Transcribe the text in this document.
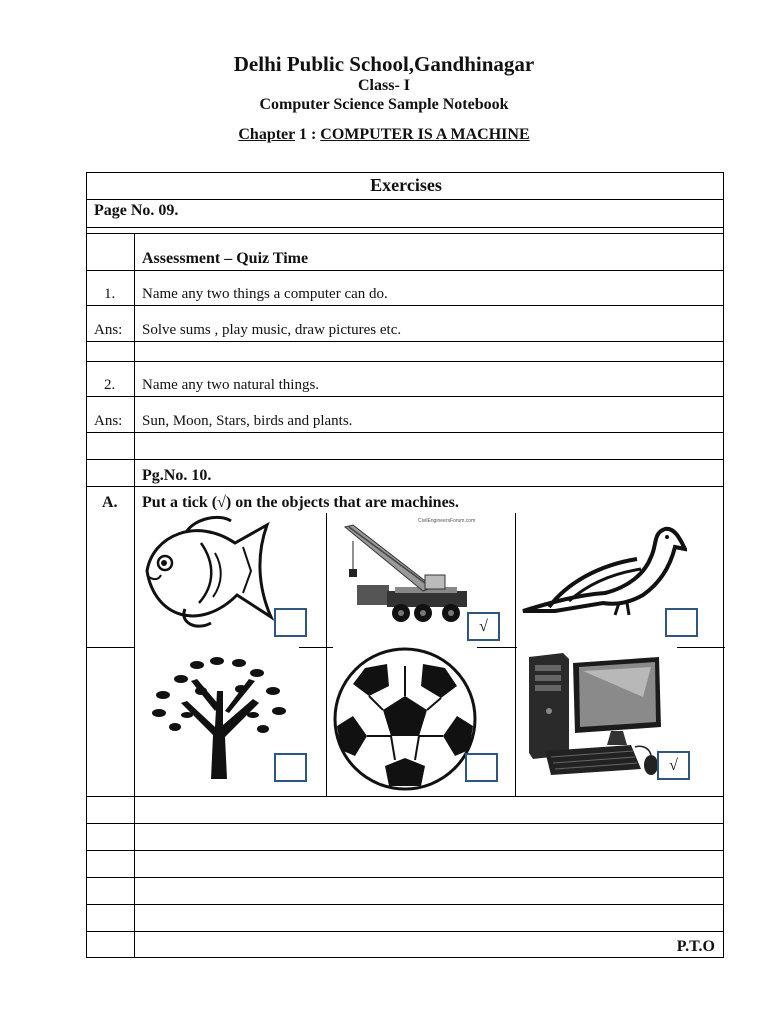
Delhi Public School,Gandhinagar
Class- I
Computer Science Sample Notebook
Chapter 1 : COMPUTER IS A MACHINE
Exercises
Page No. 09.
Assessment – Quiz Time
1. Name any two things a computer can do.
Ans: Solve sums , play music, draw pictures etc.
2. Name any two natural things.
Ans: Sun, Moon, Stars, birds and plants.
Pg.No. 10.
A. Put a tick (√) on the objects that are machines.
CivilEngineersForum.com
√
√
P.T.O
